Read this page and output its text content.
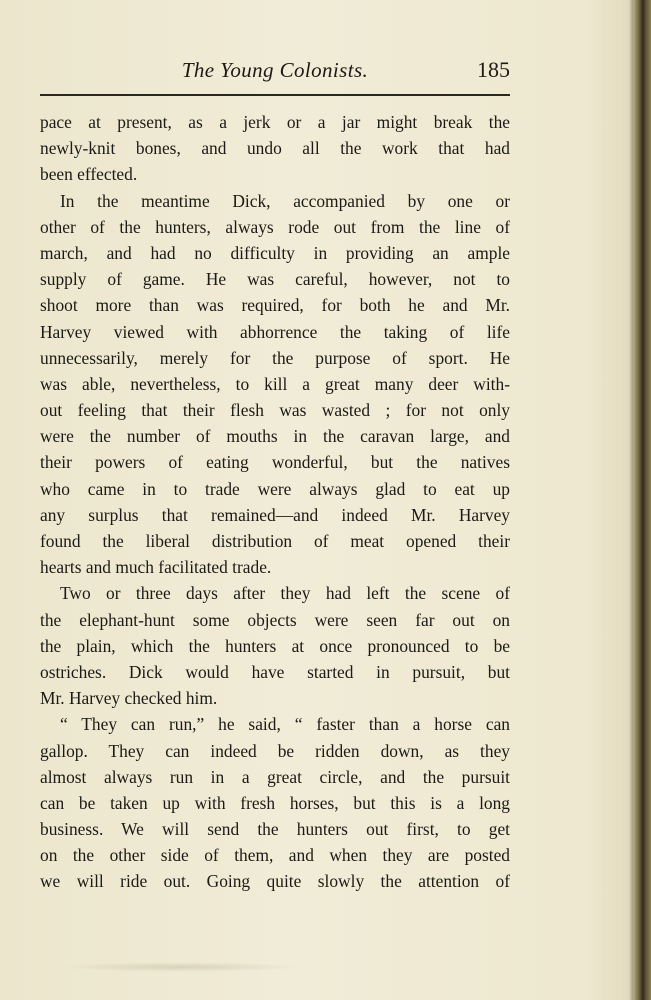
The Young Colonists.	185
pace at present, as a jerk or a jar might break the
newly-knit bones, and undo all the work that had
been effected.
In the meantime Dick, accompanied by one or
other of the hunters, always rode out from the line of
march, and had no difficulty in providing an ample
supply of game. He was careful, however, not to
shoot more than was required, for both he and Mr.
Harvey viewed with abhorrence the taking of life
unnecessarily, merely for the purpose of sport. He
was able, nevertheless, to kill a great many deer with-
out feeling that their flesh was wasted ; for not only
were the number of mouths in the caravan large, and
their powers of eating wonderful, but the natives
who came in to trade were always glad to eat up
any surplus that remained—and indeed Mr. Harvey
found the liberal distribution of meat opened their
hearts and much facilitated trade.
Two or three days after they had left the scene of
the elephant-hunt some objects were seen far out on
the plain, which the hunters at once pronounced to be
ostriches. Dick would have started in pursuit, but
Mr. Harvey checked him.
“ They can run,” he said, “ faster than a horse can
gallop. They can indeed be ridden down, as they
almost always run in a great circle, and the pursuit
can be taken up with fresh horses, but this is a long
business. We will send the hunters out first, to get
on the other side of them, and when they are posted
we will ride out. Going quite slowly the attention of
